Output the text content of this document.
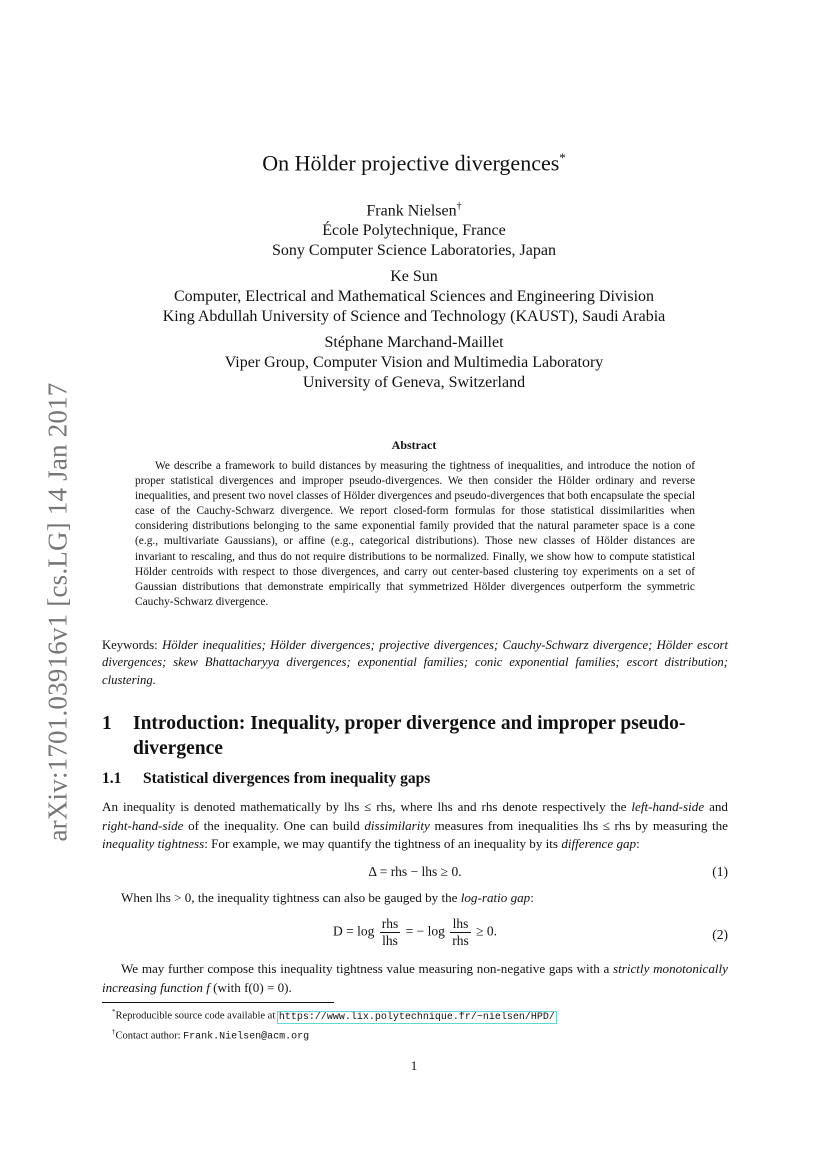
arXiv:1701.03916v1 [cs.LG] 14 Jan 2017
On Hölder projective divergences*
Frank Nielsen†
École Polytechnique, France
Sony Computer Science Laboratories, Japan
Ke Sun
Computer, Electrical and Mathematical Sciences and Engineering Division
King Abdullah University of Science and Technology (KAUST), Saudi Arabia
Stéphane Marchand-Maillet
Viper Group, Computer Vision and Multimedia Laboratory
University of Geneva, Switzerland
Abstract
We describe a framework to build distances by measuring the tightness of inequalities, and introduce the notion of proper statistical divergences and improper pseudo-divergences. We then consider the Hölder ordinary and reverse inequalities, and present two novel classes of Hölder divergences and pseudo-divergences that both encapsulate the special case of the Cauchy-Schwarz divergence. We report closed-form formulas for those statistical dissimilarities when considering distributions belonging to the same exponential family provided that the natural parameter space is a cone (e.g., multivariate Gaussians), or affine (e.g., categorical distributions). Those new classes of Hölder distances are invariant to rescaling, and thus do not require distributions to be normalized. Finally, we show how to compute statistical Hölder centroids with respect to those divergences, and carry out center-based clustering toy experiments on a set of Gaussian distributions that demonstrate empirically that symmetrized Hölder divergences outperform the symmetric Cauchy-Schwarz divergence.
Keywords: Hölder inequalities; Hölder divergences; projective divergences; Cauchy-Schwarz divergence; Hölder escort divergences; skew Bhattacharyya divergences; exponential families; conic exponential families; escort distribution; clustering.
1 Introduction: Inequality, proper divergence and improper pseudo-divergence
1.1 Statistical divergences from inequality gaps
An inequality is denoted mathematically by lhs ≤ rhs, where lhs and rhs denote respectively the left-hand-side and right-hand-side of the inequality. One can build dissimilarity measures from inequalities lhs ≤ rhs by measuring the inequality tightness: For example, we may quantify the tightness of an inequality by its difference gap:
Δ = rhs − lhs ≥ 0.	(1)
When lhs > 0, the inequality tightness can also be gauged by the log-ratio gap:
$D = \log \frac{\text{rhs}}{\text{lhs}}$ = − $\log \frac{\text{lhs}}{\text{rhs}} \ge 0$.	(2)
We may further compose this inequality tightness value measuring non-negative gaps with a strictly monotonically increasing function f (with f(0) = 0).
*Reproducible source code available at https://www.lix.polytechnique.fr/~nielsen/HPD/
†Contact author: Frank.Nielsen@acm.org
1
